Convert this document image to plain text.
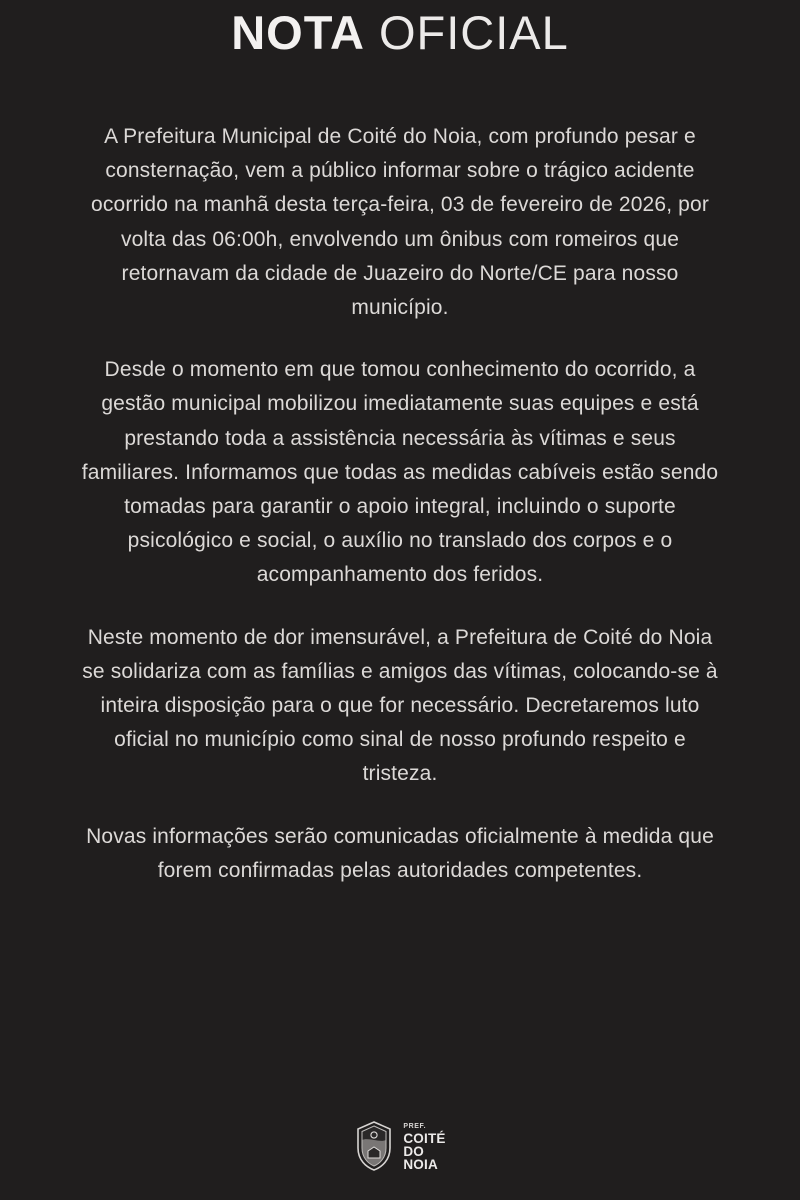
NOTA OFICIAL

A Prefeitura Municipal de Coité do Noia, com profundo pesar e consternação, vem a público informar sobre o trágico acidente ocorrido na manhã desta terça-feira, 03 de fevereiro de 2026, por volta das 06:00h, envolvendo um ônibus com romeiros que retornavam da cidade de Juazeiro do Norte/CE para nosso município.

Desde o momento em que tomou conhecimento do ocorrido, a gestão municipal mobilizou imediatamente suas equipes e está prestando toda a assistência necessária às vítimas e seus familiares. Informamos que todas as medidas cabíveis estão sendo tomadas para garantir o apoio integral, incluindo o suporte psicológico e social, o auxílio no translado dos corpos e o acompanhamento dos feridos.

Neste momento de dor imensurável, a Prefeitura de Coité do Noia se solidariza com as famílias e amigos das vítimas, colocando-se à inteira disposição para o que for necessário. Decretaremos luto oficial no município como sinal de nosso profundo respeito e tristeza.

Novas informações serão comunicadas oficialmente à medida que forem confirmadas pelas autoridades competentes.

PREF.
COITÉ
DO
NOIA
